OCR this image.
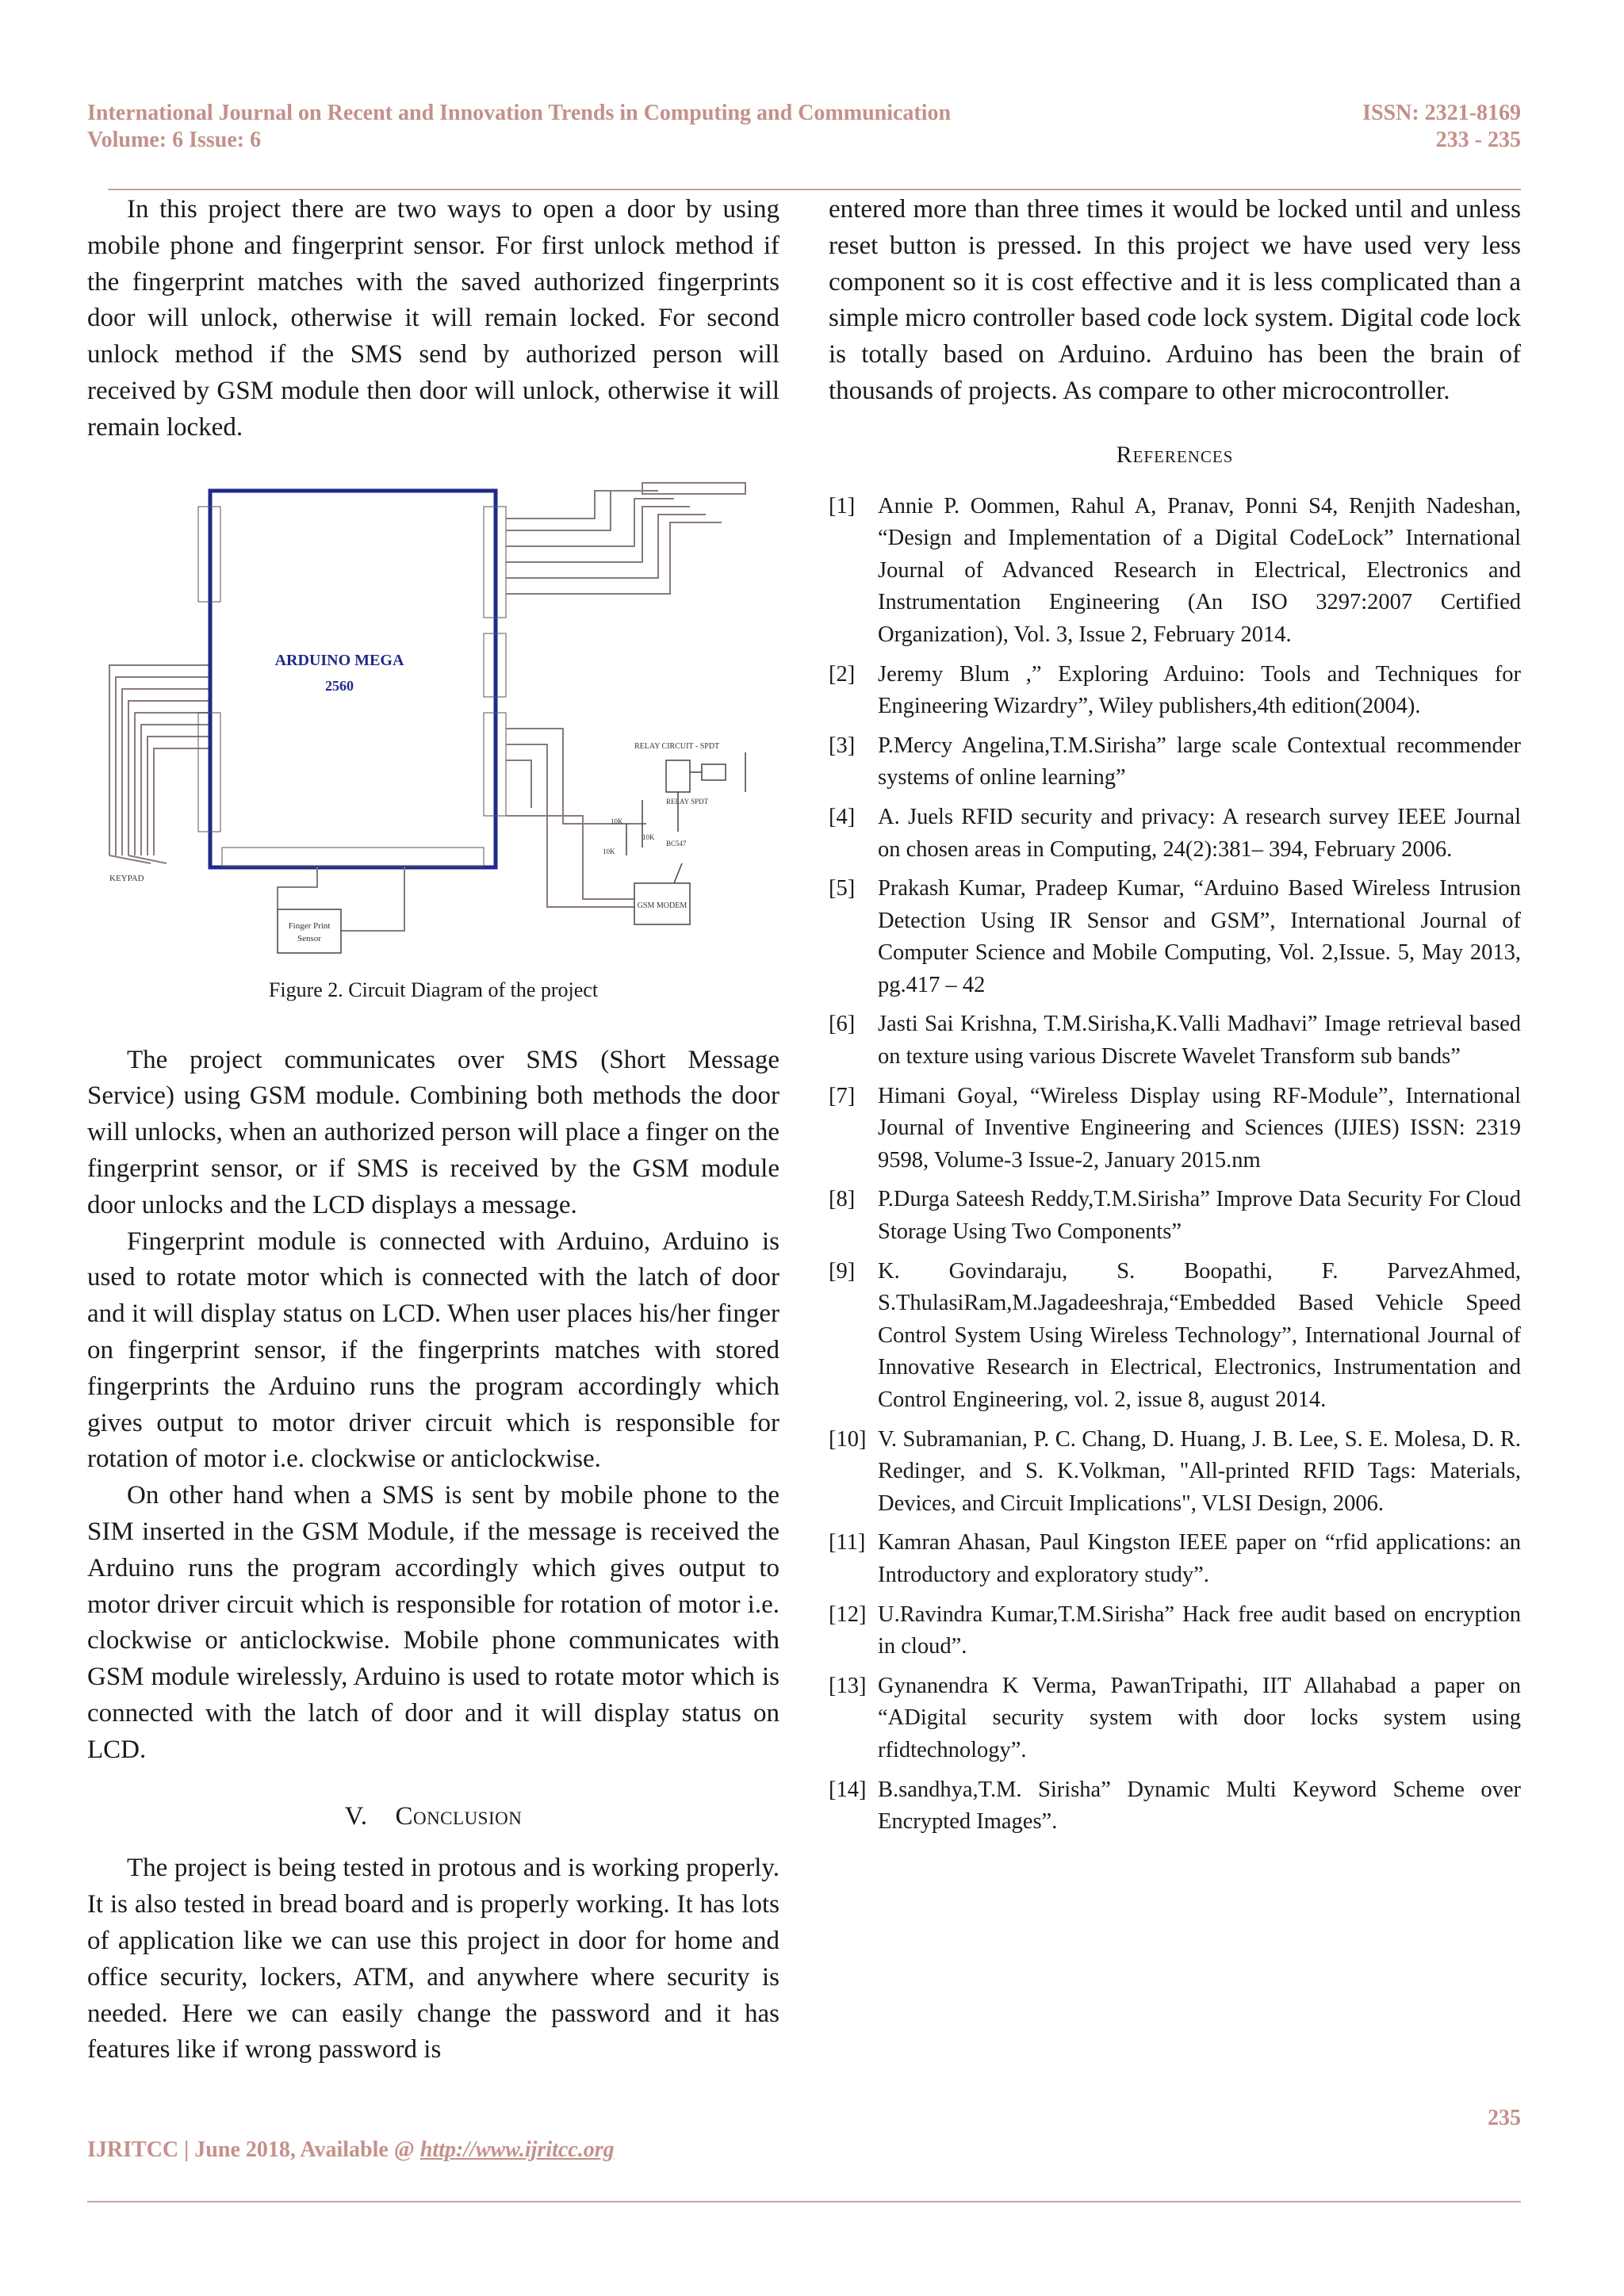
International Journal on Recent and Innovation Trends in Computing and Communication
Volume: 6 Issue: 6
ISSN: 2321-8169
233 - 235

In this project there are two ways to open a door by using mobile phone and fingerprint sensor. For first unlock method if the fingerprint matches with the saved authorized fingerprints door will unlock, otherwise it will remain locked. For second unlock method if the SMS send by authorized person will received by GSM module then door will unlock, otherwise it will remain locked.

ARDUINO MEGA
2560
RELAY CIRCUIT - SPDT
RELAY SPDT
10K
10K
10K
BC547
GSM MODEM
Finger Print
Sensor
KEYPAD
Figure 2. Circuit Diagram of the project

The project communicates over SMS (Short Message Service) using GSM module. Combining both methods the door will unlocks, when an authorized person will place a finger on the fingerprint sensor, or if SMS is received by the GSM module door unlocks and the LCD displays a message.

Fingerprint module is connected with Arduino, Arduino is used to rotate motor which is connected with the latch of door and it will display status on LCD. When user places his/her finger on fingerprint sensor, if the fingerprints matches with stored fingerprints the Arduino runs the program accordingly which gives output to motor driver circuit which is responsible for rotation of motor i.e. clockwise or anticlockwise.

On other hand when a SMS is sent by mobile phone to the SIM inserted in the GSM Module, if the message is received the Arduino runs the program accordingly which gives output to motor driver circuit which is responsible for rotation of motor i.e. clockwise or anticlockwise. Mobile phone communicates with GSM module wirelessly, Arduino is used to rotate motor which is connected with the latch of door and it will display status on LCD.

V. Conclusion

The project is being tested in protous and is working properly. It is also tested in bread board and is properly working. It has lots of application like we can use this project in door for home and office security, lockers, ATM, and anywhere where security is needed. Here we can easily change the password and it has features like if wrong password is

entered more than three times it would be locked until and unless reset button is pressed. In this project we have used very less component so it is cost effective and it is less complicated than a simple micro controller based code lock system. Digital code lock is totally based on Arduino. Arduino has been the brain of thousands of projects. As compare to other microcontroller.

References
[1] Annie P. Oommen, Rahul A, Pranav, Ponni S4, Renjith Nadeshan, “Design and Implementation of a Digital CodeLock” International Journal of Advanced Research in Electrical, Electronics and Instrumentation Engineering (An ISO 3297:2007 Certified Organization), Vol. 3, Issue 2, February 2014.
[2] Jeremy Blum ,” Exploring Arduino: Tools and Techniques for Engineering Wizardry”, Wiley publishers,4th edition(2004).
[3] P.Mercy Angelina,T.M.Sirisha” large scale Contextual recommender systems of online learning”
[4] A. Juels RFID security and privacy: A research survey IEEE Journal on chosen areas in Computing, 24(2):381– 394, February 2006.
[5] Prakash Kumar, Pradeep Kumar, “Arduino Based Wireless Intrusion Detection Using IR Sensor and GSM”, International Journal of Computer Science and Mobile Computing, Vol. 2,Issue. 5, May 2013, pg.417 – 42
[6] Jasti Sai Krishna, T.M.Sirisha,K.Valli Madhavi” Image retrieval based on texture using various Discrete Wavelet Transform sub bands”
[7] Himani Goyal, “Wireless Display using RF-Module”, International Journal of Inventive Engineering and Sciences (IJIES) ISSN: 2319 9598, Volume-3 Issue-2, January 2015.nm
[8] P.Durga Sateesh Reddy,T.M.Sirisha” Improve Data Security For Cloud Storage Using Two Components”
[9] K. Govindaraju, S. Boopathi, F. ParvezAhmed, S.ThulasiRam,M.Jagadeeshraja,“Embedded Based Vehicle Speed Control System Using Wireless Technology”, International Journal of Innovative Research in Electrical, Electronics, Instrumentation and Control Engineering, vol. 2, issue 8, august 2014.
[10] V. Subramanian, P. C. Chang, D. Huang, J. B. Lee, S. E. Molesa, D. R. Redinger, and S. K.Volkman, "All-printed RFID Tags: Materials, Devices, and Circuit Implications", VLSI Design, 2006.
[11] Kamran Ahasan, Paul Kingston IEEE paper on “rfid applications: an Introductory and exploratory study”.
[12] U.Ravindra Kumar,T.M.Sirisha” Hack free audit based on encryption in cloud”.
[13] Gynanendra K Verma, PawanTripathi, IIT Allahabad a paper on “ADigital security system with door locks system using rfidtechnology”.
[14] B.sandhya,T.M. Sirisha” Dynamic Multi Keyword Scheme over Encrypted Images”.
235
IJRITCC | June 2018, Available @ http://www.ijritcc.org
